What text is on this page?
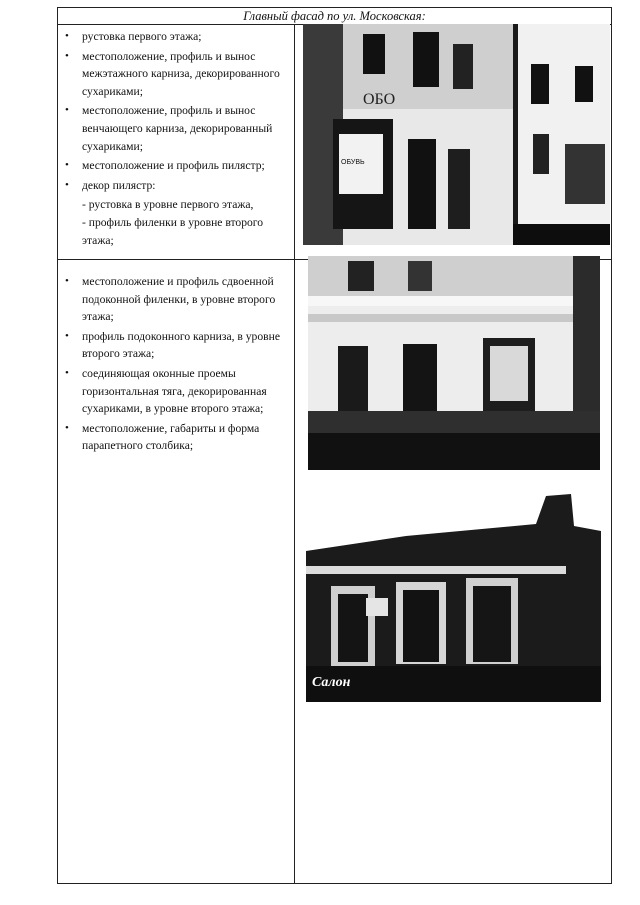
Главный фасад по ул. Московская:
• рустовка первого этажа;
• местоположение, профиль и вынос межэтажного карниза, декорированного сухариками;
• местоположение, профиль и вынос венчающего карниза, декорированный сухариками;
• местоположение и профиль пилястр;
• декор пилястр:
- рустовка в уровне первого этажа,
- профиль филенки в уровне второго этажа;
• местоположение и профиль сдвоенной подоконной филенки, в уровне второго этажа;
• профиль подоконного карниза, в уровне второго этажа;
• соединяющая оконные проемы горизонтальная тяга, декорированная сухариками, в уровне второго этажа;
• местоположение, габариты и форма парапетного столбика;
ОБУВЬ
ОБО
Салон
